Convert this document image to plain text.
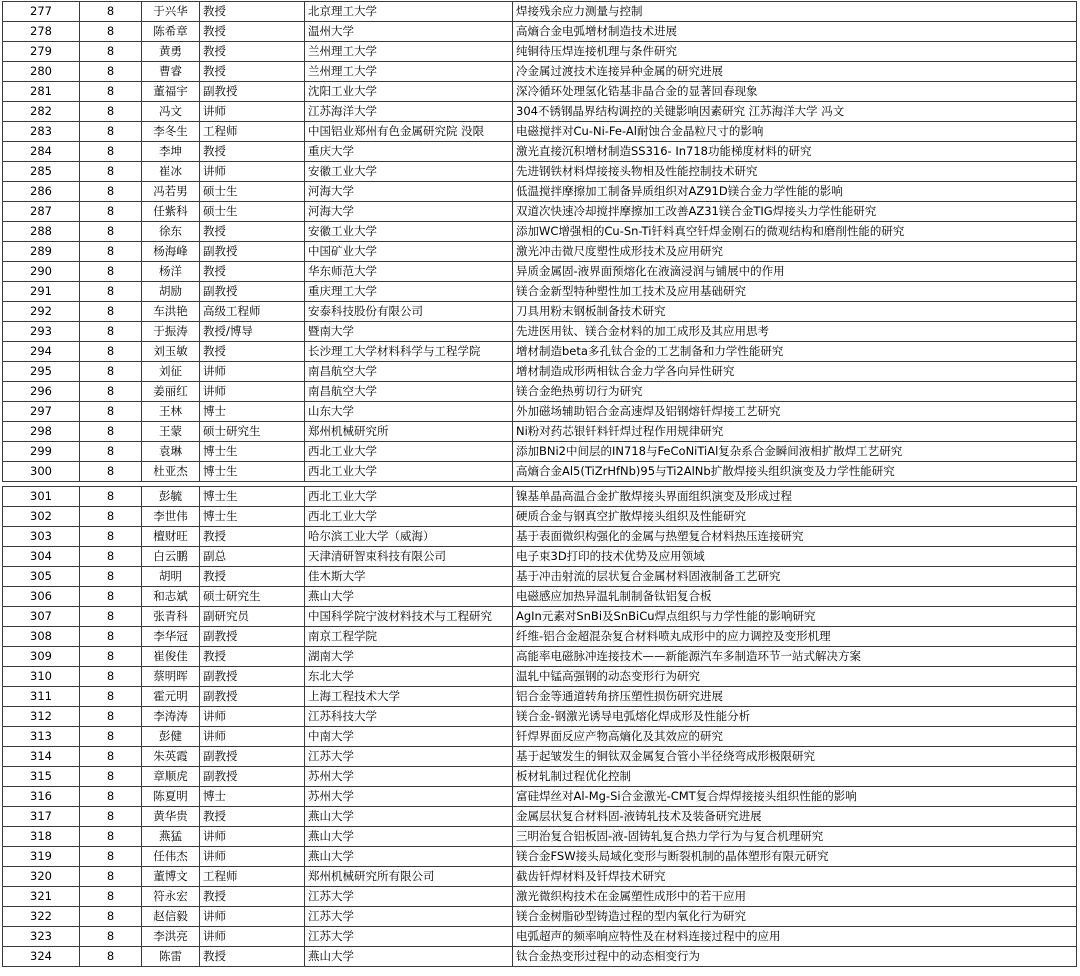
277	8	于兴华	教授	北京理工大学	焊接残余应力测量与控制
278	8	陈希章	教授	温州大学	高熵合金电弧增材制造技术进展
279	8	黄勇	教授	兰州理工大学	纯铜待压焊连接机理与条件研究
280	8	曹睿	教授	兰州理工大学	冷金属过渡技术连接异种金属的研究进展
281	8	董福宇	副教授	沈阳工业大学	深冷循环处理氢化锆基非晶合金的显著回春现象
282	8	冯文	讲师	江苏海洋大学	304不锈钢晶界结构调控的关键影响因素研究 江苏海洋大学 冯文
283	8	李冬生	工程师	中国铝业郑州有色金属研究院 没限	电磁搅拌对Cu-Ni-Fe-Al耐蚀合金晶粒尺寸的影响
284	8	李坤	教授	重庆大学	激光直接沉积增材制造SS316- In718功能梯度材料的研究
285	8	崔冰	讲师	安徽工业大学	先进钢铁材料焊接接头物相及性能控制技术研究
286	8	冯若男	硕士生	河海大学	低温搅拌摩擦加工制备异质组织对AZ91D镁合金力学性能的影响
287	8	任紫科	硕士生	河海大学	双道次快速冷却搅拌摩擦加工改善AZ31镁合金TIG焊接头力学性能研究
288	8	徐东	教授	安徽工业大学	添加WC增强相的Cu-Sn-Ti钎料真空钎焊金刚石的微观结构和磨削性能的研究
289	8	杨海峰	副教授	中国矿业大学	激光冲击微尺度塑性成形技术及应用研究
290	8	杨洋	教授	华东师范大学	异质金属固-液界面预熔化在液滴浸润与铺展中的作用
291	8	胡励	副教授	重庆理工大学	镁合金新型特种塑性加工技术及应用基础研究
292	8	车洪艳	高级工程师	安泰科技股份有限公司	刀具用粉末钢板制备技术研究
293	8	于振涛	教授/博导	暨南大学	先进医用钛、镁合金材料的加工成形及其应用思考
294	8	刘玉敏	教授	长沙理工大学材料科学与工程学院	增材制造beta多孔钛合金的工艺制备和力学性能研究
295	8	刘征	讲师	南昌航空大学	增材制造成形两相钛合金力学各向异性研究
296	8	姜丽红	讲师	南昌航空大学	镁合金绝热剪切行为研究
297	8	王林	博士	山东大学	外加磁场辅助铝合金高速焊及铝钢熔钎焊接工艺研究
298	8	王蒙	硕士研究生	郑州机械研究所	Ni粉对药芯银钎料钎焊过程作用规律研究
299	8	袁琳	博士生	西北工业大学	添加BNi2中间层的IN718与FeCoNiTiAl复杂系合金瞬间液相扩散焊工艺研究
300	8	杜亚杰	博士生	西北工业大学	高熵合金Al5(TiZrHfNb)95与Ti2AlNb扩散焊接头组织演变及力学性能研究

301	8	彭毓	博士生	西北工业大学	镍基单晶高温合金扩散焊接头界面组织演变及形成过程
302	8	李世伟	博士生	西北工业大学	硬质合金与钢真空扩散焊接头组织及性能研究
303	8	檀财旺	教授	哈尔滨工业大学（威海）	基于表面微织构强化的金属与热塑复合材料热压连接研究
304	8	白云鹏	副总	天津清研智束科技有限公司	电子束3D打印的技术优势及应用领域
305	8	胡明	教授	佳木斯大学	基于冲击射流的层状复合金属材料固液制备工艺研究
306	8	和志斌	硕士研究生	燕山大学	电磁感应加热异温轧制制备钛铝复合板
307	8	张青科	副研究员	中国科学院宁波材料技术与工程研究	AgIn元素对SnBi及SnBiCu焊点组织与力学性能的影响研究
308	8	李华冠	副教授	南京工程学院	纤维-铝合金超混杂复合材料喷丸成形中的应力调控及变形机理
309	8	崔俊佳	教授	湖南大学	高能率电磁脉冲连接技术——新能源汽车多制造环节一站式解决方案
310	8	蔡明晖	副教授	东北大学	温轧中锰高强钢的动态变形行为研究
311	8	霍元明	副教授	上海工程技术大学	铝合金等通道转角挤压塑性损伤研究进展
312	8	李涛涛	讲师	江苏科技大学	镁合金-钢激光诱导电弧熔化焊成形及性能分析
313	8	彭健	讲师	中南大学	钎焊界面反应产物高熵化及其效应的研究
314	8	朱英霞	副教授	江苏大学	基于起皱发生的铜钛双金属复合管小半径绕弯成形极限研究
315	8	章顺虎	副教授	苏州大学	板材轧制过程优化控制
316	8	陈夏明	博士	苏州大学	富硅焊丝对Al-Mg-Si合金激光-CMT复合焊焊接接头组织性能的影响
317	8	黄华贵	教授	燕山大学	金属层状复合材料固-液铸轧技术及装备研究进展
318	8	燕猛	讲师	燕山大学	三明治复合铝板固-液-固铸轧复合热力学行为与复合机理研究
319	8	任伟杰	讲师	燕山大学	镁合金FSW接头局域化变形与断裂机制的晶体塑形有限元研究
320	8	董博文	工程师	郑州机械研究所有限公司	截齿钎焊材料及钎焊技术研究
321	8	符永宏	教授	江苏大学	激光微织构技术在金属塑性成形中的若干应用
322	8	赵信毅	讲师	江苏大学	镁合金树脂砂型铸造过程的型内氧化行为研究
323	8	李洪亮	讲师	江苏大学	电弧超声的频率响应特性及在材料连接过程中的应用
324	8	陈雷	教授	燕山大学	钛合金热变形过程中的动态相变行为
